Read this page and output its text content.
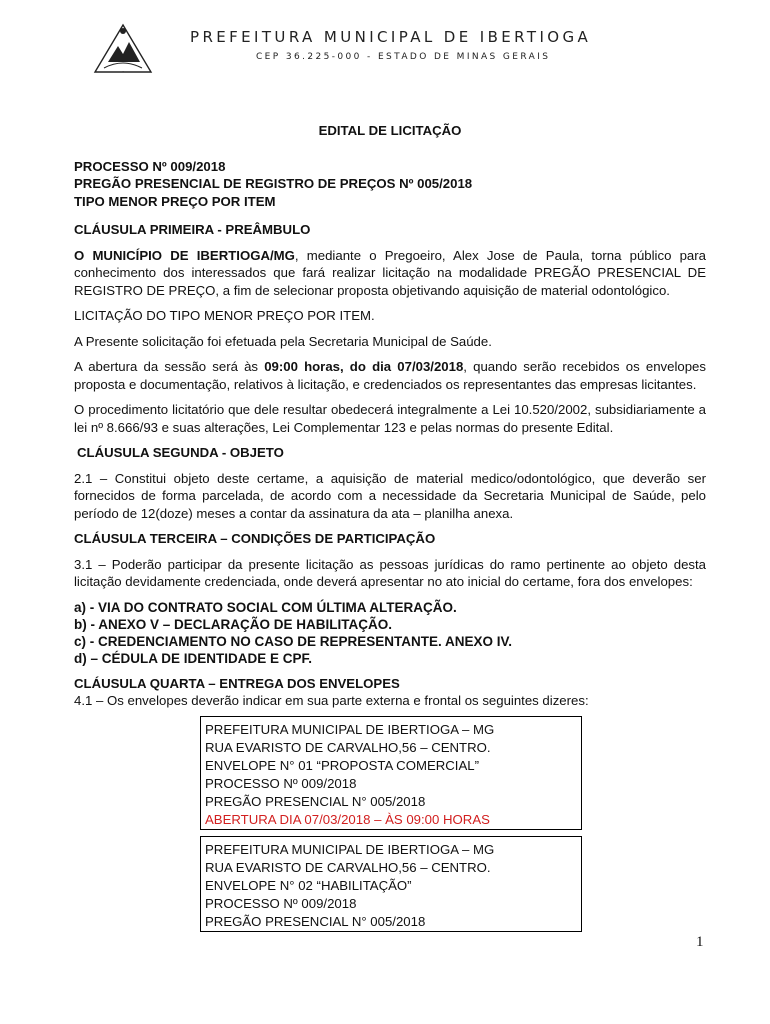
'
PREFEITURA MUNICIPAL DE IBERTIOGA
CEP 36.225-000 - ESTADO DE MINAS GERAIS

EDITAL DE LICITAÇÃO

PROCESSO Nº 009/2018

PREGÃO PRESENCIAL DE REGISTRO DE PREÇOS Nº 005/2018

TIPO MENOR PREÇO POR ITEM

CLÁUSULA PRIMEIRA - PREÂMBULO

O MUNICÍPIO DE IBERTIOGA/MG, mediante o Pregoeiro, Alex Jose de Paula, torna público para conhecimento dos interessados que fará realizar licitação na modalidade PREGÃO PRESENCIAL DE REGISTRO DE PREÇO, a fim de selecionar proposta objetivando aquisição de material odontológico.

LICITAÇÃO DO TIPO MENOR PREÇO POR ITEM.

A Presente solicitação foi efetuada pela Secretaria Municipal de Saúde.

A abertura da sessão será às 09:00 horas, do dia 07/03/2018, quando serão recebidos os envelopes proposta e documentação, relativos à licitação, e credenciados os representantes das empresas licitantes.

O procedimento licitatório que dele resultar obedecerá integralmente a Lei 10.520/2002, subsidiariamente a lei nº 8.666/93 e suas alterações, Lei Complementar 123 e pelas normas do presente Edital.

CLÁUSULA SEGUNDA - OBJETO

2.1 – Constitui objeto deste certame, a aquisição de material medico/odontológico, que deverão ser fornecidos de forma parcelada, de acordo com a necessidade da Secretaria Municipal de Saúde, pelo período de 12(doze) meses a contar da assinatura da ata – planilha anexa.

CLÁUSULA TERCEIRA – CONDIÇÕES DE PARTICIPAÇÃO

3.1 – Poderão participar da presente licitação as pessoas jurídicas do ramo pertinente ao objeto desta licitação devidamente credenciada, onde deverá apresentar no ato inicial do certame, fora dos envelopes:

a) - VIA DO CONTRATO SOCIAL COM ÚLTIMA ALTERAÇÃO.

b) - ANEXO V – DECLARAÇÃO DE HABILITAÇÃO.

c) - CREDENCIAMENTO NO CASO DE REPRESENTANTE. ANEXO IV.

d) – CÉDULA DE IDENTIDADE E CPF.

CLÁUSULA QUARTA – ENTREGA DOS ENVELOPES

4.1 – Os envelopes deverão indicar em sua parte externa e frontal os seguintes dizeres:

PREFEITURA MUNICIPAL DE IBERTIOGA – MG

RUA EVARISTO DE CARVALHO,56 – CENTRO.

ENVELOPE N° 01 “PROPOSTA COMERCIAL”

PROCESSO Nº 009/2018

PREGÃO PRESENCIAL N° 005/2018

ABERTURA DIA 07/03/2018 – ÀS 09:00 HORAS

PREFEITURA MUNICIPAL DE IBERTIOGA – MG

RUA EVARISTO DE CARVALHO,56 – CENTRO.

ENVELOPE N° 02 “HABILITAÇÃO”

PROCESSO Nº 009/2018

PREGÃO PRESENCIAL N° 005/2018

1
